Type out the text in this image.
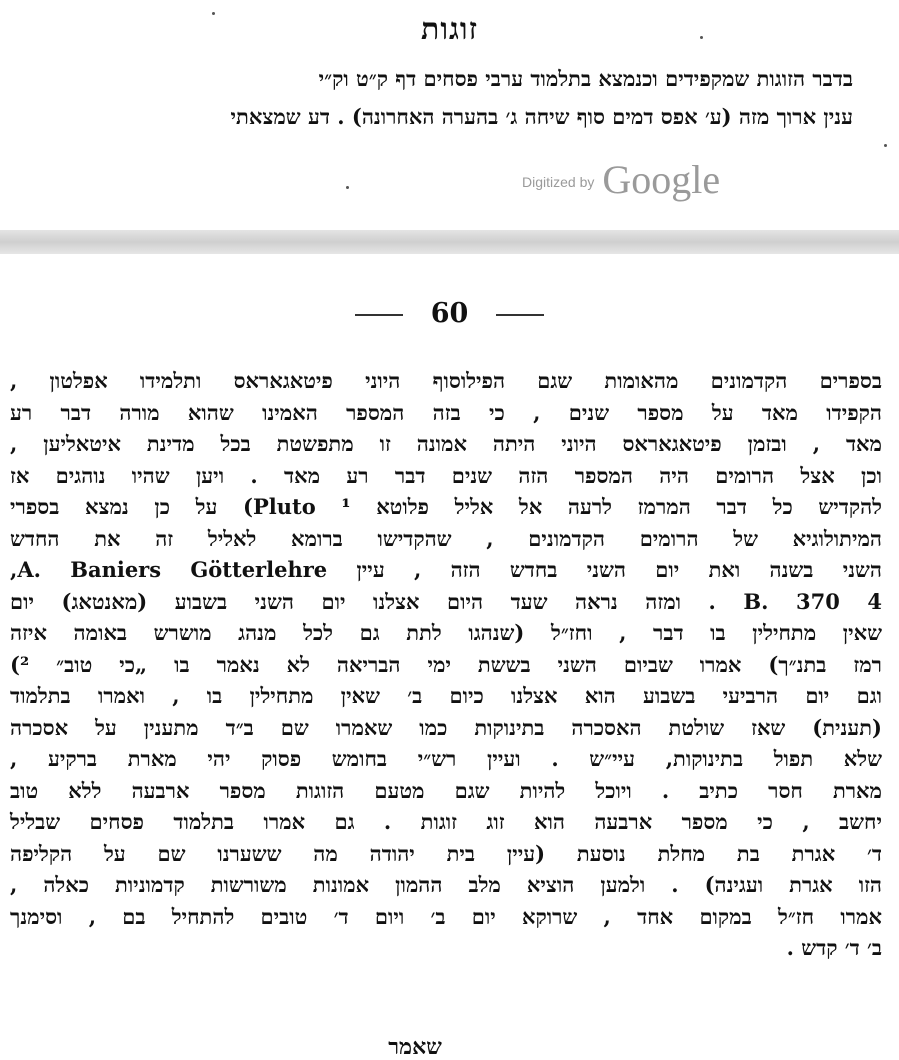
זוגות
בדבר הזוגות שמקפידים וכנמצא בתלמוד ערבי פסחים דף ק״ט וק״י
ענין ארוך מזה (ע׳ אפס דמים סוף שיחה ג׳ בהערה האחרונה) . דע שמצאתי
Digitized by Google
60
בספרים הקדמונים מהאומות שגם הפילוסוף היוני פיטאגאראס ותלמידו אפלטון ,
הקפידו מאד על מספר שנים , כי בזה המספר האמינו שהוא מורה דבר רע
מאד , ובזמן פיטאגאראס היוני היתה אמונה זו מתפשטת בכל מדינת איטאליען ,
וכן אצל הרומים היה המספר הזה שנים דבר רע מאד . ויען שהיו נוהגים אז
להקדיש כל דבר המרמז לרעה אל אליל פלוטא Pluto ¹) על כן נמצא בספרי
המיתולוגיא של הרומים הקדמונים , שהקדישו ברומא לאליל זה את החדש
השני בשנה ואת יום השני בחדש הזה , עיין A. Baniers Götterlehre,
4 B. 370 . ומזה נראה שעד היום אצלנו יום השני בשבוע (מאנטאג) יום
שאין מתחילין בו דבר , וחז״ל (שנהגו לתת גם לכל מנהג מושרש באומה איזה
רמז בתנ״ך) אמרו שביום השני בששת ימי הבריאה לא נאמר בו „כי טוב״ ²)
וגם יום הרביעי בשבוע הוא אצלנו כיום ב׳ שאין מתחילין בו , ואמרו בתלמוד
(תענית) שאז שולטת האסכרה בתינוקות כמו שאמרו שם ב״ד מתענין על אסכרה
שלא תפול בתינוקות, עיי״ש . ועיין רש״י בחומש פסוק יהי מארת ברקיע ,
מארת חסר כתיב . ויוכל להיות שגם מטעם הזוגות מספר ארבעה ללא טוב
יחשב , כי מספר ארבעה הוא זוג זוגות . גם אמרו בתלמוד פסחים שבליל
ד׳ אגרת בת מחלת נוסעת (עיין בית יהודה מה ששערנו שם על הקליפה
הזו אגרת ועגינה) . ולמען הוציא מלב ההמון אמונות משורשות קדמוניות כאלה ,
אמרו חז״ל במקום אחד , שרוקא יום ב׳ ויום ד׳ טובים להתחיל בם , וסימנך
ב׳ ד׳ קדש .
שאמר
